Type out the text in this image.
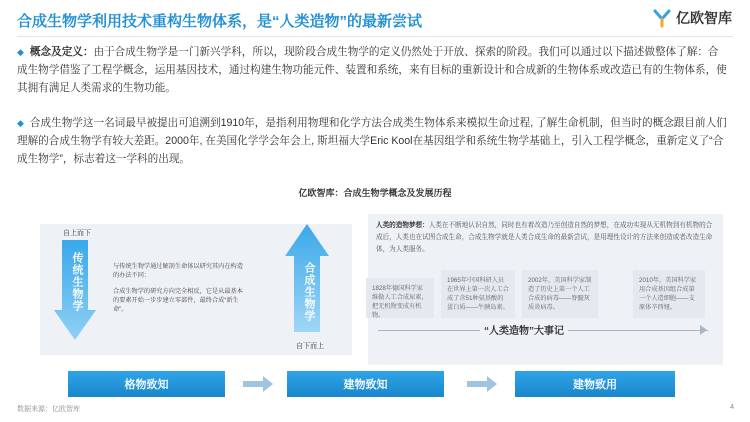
合成生物学利用技术重构生物体系，是“人类造物”的最新尝试	亿欧智库
◆ 概念及定义：由于合成生物学是一门新兴学科，所以，现阶段合成生物学的定义仍然处于开放、探索的阶段。我们可以通过以下描述做整体了解：合成生物学借鉴了工程学概念，运用基因技术，通过构建生物功能元件、装置和系统，来有目标的重新设计和合成新的生物体系或改造已有的生物体系，使其拥有满足人类需求的生物功能。
◆ 合成生物学这一名词最早被提出可追溯到1910年，是指利用物理和化学方法合成类生物体系来模拟生命过程, 了解生命机制，但当时的概念跟目前人们理解的合成生物学有较大差距。2000年, 在美国化学学会年会上, 斯坦福大学Eric Kool在基因组学和系统生物学基础上，引入工程学概念，重新定义了“合成生物学”，标志着这一学科的出现。
亿欧智库：合成生物学概念及发展历程
自上而下
传统生物学	与传统生物学通过解剖生命体以研究其内在构造的办法不同：
合成生物学的研究方向完全相反，它是从最基本的要素开始一步步建立零部件，最终合成“新生命”。	合成生物学
自下而上
人类的造物梦想：人类在不断地认识自然，同时也有着改造乃至创造自然的梦想，在成功实现从无机物到有机物的合成后，人类也在试图合成生命，合成生物学就是人类合成生命的最新尝试，是用理性设计的方法来创造或者改造生命体，为人类服务。
1828年德国科学家维勒人工合成尿素，把无机物变成有机物。
1965年中国科研人员在世界上第一次人工合成了含51种氨基酸的蛋白质——牛胰岛素。
2002年，美国科学家制造了历史上第一个人工合成的病毒——脊髓灰质炎病毒。
2010年，美国科学家用合成基因组合成第一个人造细胞——支原体辛西娅。
“人类造物”大事记
格物致知	建物致知	建物致用
数据来源：亿欧智库	4
